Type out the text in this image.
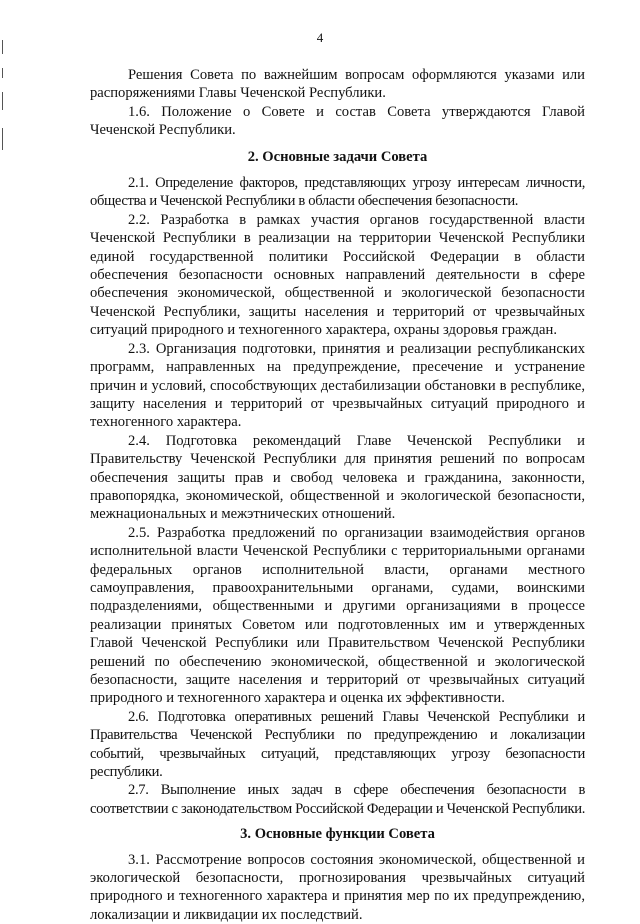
4

Решения Совета по важнейшим вопросам оформляются указами или распоряжениями Главы Чеченской Республики.

1.6. Положение о Совете и состав Совета утверждаются Главой Чеченской Республики.

2. Основные задачи Совета

2.1. Определение факторов, представляющих угрозу интересам личности, общества и Чеченской Республики в области обеспечения безопасности.

2.2. Разработка в рамках участия органов государственной власти Чеченской Республики в реализации на территории Чеченской Республики единой государственной политики Российской Федерации в области обеспечения безопасности основных направлений деятельности в сфере обеспечения экономической, общественной и экологической безопасности Чеченской Республики, защиты населения и территорий от чрезвычайных ситуаций природного и техногенного характера, охраны здоровья граждан.

2.3. Организация подготовки, принятия и реализации республиканских программ, направленных на предупреждение, пресечение и устранение причин и условий, способствующих дестабилизации обстановки в республике, защиту населения и территорий от чрезвычайных ситуаций природного и техногенного характера.

2.4. Подготовка рекомендаций Главе Чеченской Республики и Правительству Чеченской Республики для принятия решений по вопросам обеспечения защиты прав и свобод человека и гражданина, законности, правопорядка, экономической, общественной и экологической безопасности, межнациональных и межэтнических отношений.

2.5. Разработка предложений по организации взаимодействия органов исполнительной власти Чеченской Республики с территориальными органами федеральных органов исполнительной власти, органами местного самоуправления, правоохранительными органами, судами, воинскими подразделениями, общественными и другими организациями в процессе реализации принятых Советом или подготовленных им и утвержденных Главой Чеченской Республики или Правительством Чеченской Республики решений по обеспечению экономической, общественной и экологической безопасности, защите населения и территорий от чрезвычайных ситуаций природного и техногенного характера и оценка их эффективности.

2.6. Подготовка оперативных решений Главы Чеченской Республики и Правительства Чеченской Республики по предупреждению и локализации событий, чрезвычайных ситуаций, представляющих угрозу безопасности республики.

2.7. Выполнение иных задач в сфере обеспечения безопасности в соответствии с законодательством Российской Федерации и Чеченской Республики.

3. Основные функции Совета

3.1. Рассмотрение вопросов состояния экономической, общественной и экологической безопасности, прогнозирования чрезвычайных ситуаций природного и техногенного характера и принятия мер по их предупреждению, локализации и ликвидации их последствий.
